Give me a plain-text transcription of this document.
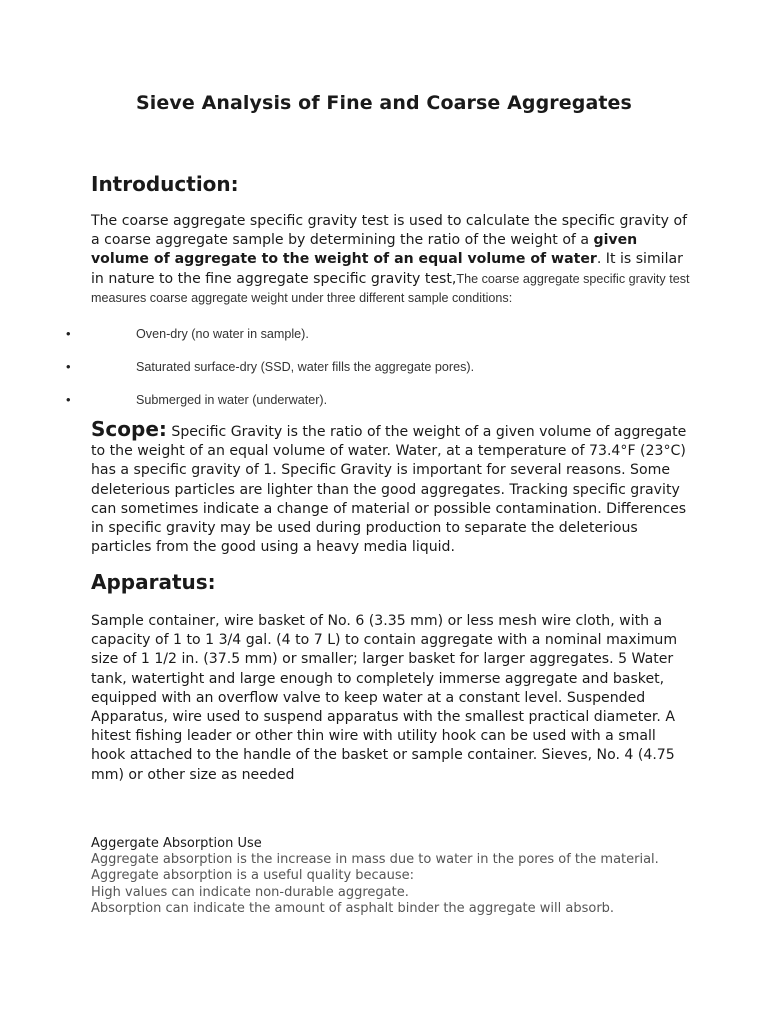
Sieve Analysis of Fine and Coarse Aggregates
Introduction:
The coarse aggregate specific gravity test is used to calculate the specific gravity of a coarse aggregate sample by determining the ratio of the weight of a given volume of aggregate to the weight of an equal volume of water. It is similar in nature to the fine aggregate specific gravity test,The coarse aggregate specific gravity test measures coarse aggregate weight under three different sample conditions:
•	Oven-dry (no water in sample).
•	Saturated surface-dry (SSD, water fills the aggregate pores).
•	Submerged in water (underwater).
Scope: Specific Gravity is the ratio of the weight of a given volume of aggregate to the weight of an equal volume of water. Water, at a temperature of 73.4°F (23°C) has a specific gravity of 1. Specific Gravity is important for several reasons. Some deleterious particles are lighter than the good aggregates. Tracking specific gravity can sometimes indicate a change of material or possible contamination. Differences in specific gravity may be used during production to separate the deleterious particles from the good using a heavy media liquid.
Apparatus:
Sample container, wire basket of No. 6 (3.35 mm) or less mesh wire cloth, with a capacity of 1 to 1 3/4 gal. (4 to 7 L) to contain aggregate with a nominal maximum size of 1 1/2 in. (37.5 mm) or smaller; larger basket for larger aggregates. 5 Water tank, watertight and large enough to completely immerse aggregate and basket, equipped with an overflow valve to keep water at a constant level. Suspended Apparatus, wire used to suspend apparatus with the smallest practical diameter. A hitest fishing leader or other thin wire with utility hook can be used with a small hook attached to the handle of the basket or sample container. Sieves, No. 4 (4.75 mm) or other size as needed
Aggergate Absorption Use
Aggregate absorption is the increase in mass due to water in the pores of the material.
Aggregate absorption is a useful quality because:
High values can indicate non-durable aggregate.
Absorption can indicate the amount of asphalt binder the aggregate will absorb.
